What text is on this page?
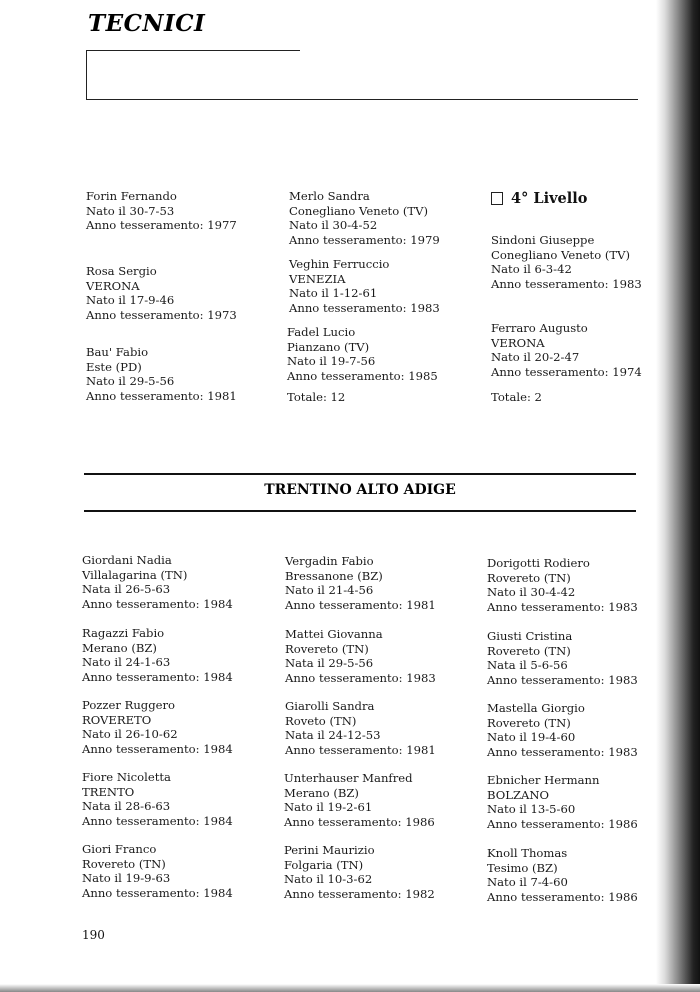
TECNICI
Forin Fernando
Nato il 30-7-53
Anno tesseramento: 1977
Rosa Sergio
VERONA
Nato il 17-9-46
Anno tesseramento: 1973
Bau' Fabio
Este (PD)
Nato il 29-5-56
Anno tesseramento: 1981
Merlo Sandra
Conegliano Veneto (TV)
Nato il 30-4-52
Anno tesseramento: 1979
Veghin Ferruccio
VENEZIA
Nato il 1-12-61
Anno tesseramento: 1983
Fadel Lucio
Pianzano (TV)
Nato il 19-7-56
Anno tesseramento: 1985
Totale: 12
4° Livello
Sindoni Giuseppe
Conegliano Veneto (TV)
Nato il 6-3-42
Anno tesseramento: 1983
Ferraro Augusto
VERONA
Nato il 20-2-47
Anno tesseramento: 1974
Totale: 2
TRENTINO ALTO ADIGE
Giordani Nadia
Villalagarina (TN)
Nata il 26-5-63
Anno tesseramento: 1984
Ragazzi Fabio
Merano (BZ)
Nato il 24-1-63
Anno tesseramento: 1984
Pozzer Ruggero
ROVERETO
Nato il 26-10-62
Anno tesseramento: 1984
Fiore Nicoletta
TRENTO
Nata il 28-6-63
Anno tesseramento: 1984
Giori Franco
Rovereto (TN)
Nato il 19-9-63
Anno tesseramento: 1984
Vergadin Fabio
Bressanone (BZ)
Nato il 21-4-56
Anno tesseramento: 1981
Mattei Giovanna
Rovereto (TN)
Nata il 29-5-56
Anno tesseramento: 1983
Giarolli Sandra
Roveto (TN)
Nata il 24-12-53
Anno tesseramento: 1981
Unterhauser Manfred
Merano (BZ)
Nato il 19-2-61
Anno tesseramento: 1986
Perini Maurizio
Folgaria (TN)
Nato il 10-3-62
Anno tesseramento: 1982
Dorigotti Rodiero
Rovereto (TN)
Nato il 30-4-42
Anno tesseramento: 1983
Giusti Cristina
Rovereto (TN)
Nata il 5-6-56
Anno tesseramento: 1983
Mastella Giorgio
Rovereto (TN)
Nato il 19-4-60
Anno tesseramento: 1983
Ebnicher Hermann
BOLZANO
Nato il 13-5-60
Anno tesseramento: 1986
Knoll Thomas
Tesimo (BZ)
Nato il 7-4-60
Anno tesseramento: 1986
190
